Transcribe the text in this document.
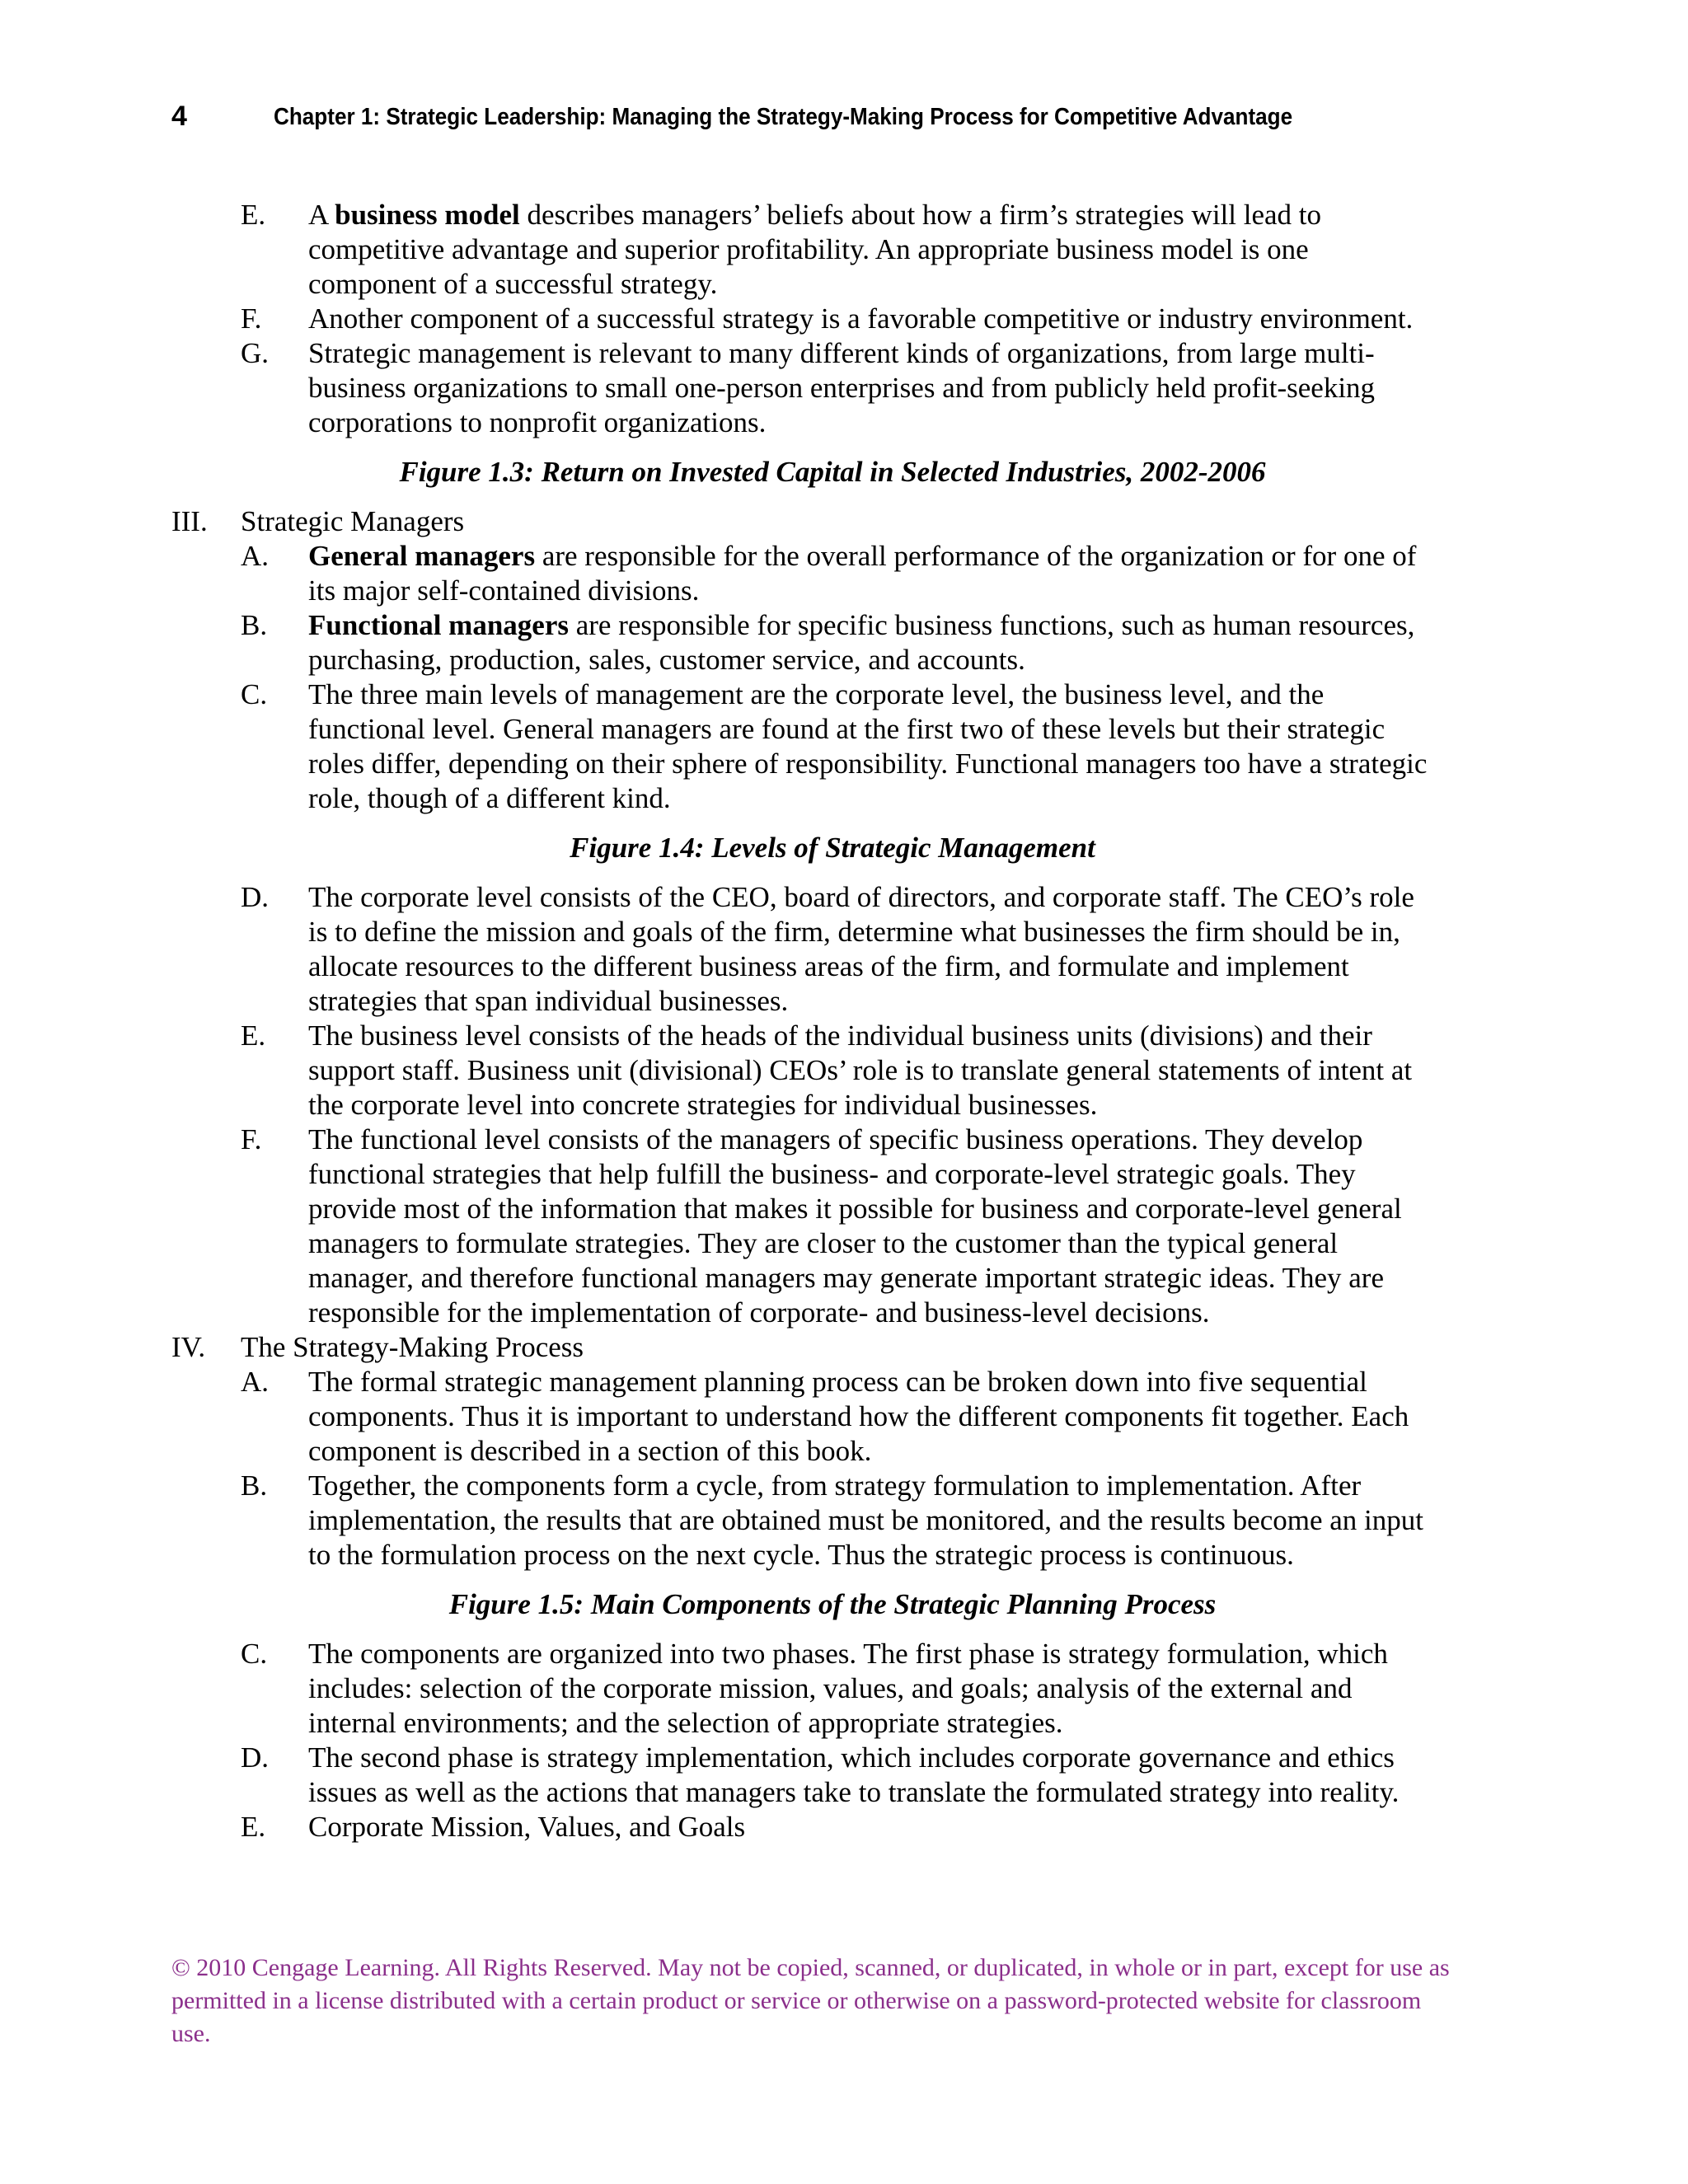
4	Chapter 1: Strategic Leadership: Managing the Strategy-Making Process for Competitive Advantage
E. A business model describes managers’ beliefs about how a firm’s strategies will lead to competitive advantage and superior profitability. An appropriate business model is one component of a successful strategy.
F. Another component of a successful strategy is a favorable competitive or industry environment.
G. Strategic management is relevant to many different kinds of organizations, from large multi-business organizations to small one-person enterprises and from publicly held profit-seeking corporations to nonprofit organizations.
Figure 1.3: Return on Invested Capital in Selected Industries, 2002-2006
III. Strategic Managers
A. General managers are responsible for the overall performance of the organization or for one of its major self-contained divisions.
B. Functional managers are responsible for specific business functions, such as human resources, purchasing, production, sales, customer service, and accounts.
C. The three main levels of management are the corporate level, the business level, and the functional level. General managers are found at the first two of these levels but their strategic roles differ, depending on their sphere of responsibility. Functional managers too have a strategic role, though of a different kind.
Figure 1.4: Levels of Strategic Management
D. The corporate level consists of the CEO, board of directors, and corporate staff. The CEO’s role is to define the mission and goals of the firm, determine what businesses the firm should be in, allocate resources to the different business areas of the firm, and formulate and implement strategies that span individual businesses.
E. The business level consists of the heads of the individual business units (divisions) and their support staff. Business unit (divisional) CEOs’ role is to translate general statements of intent at the corporate level into concrete strategies for individual businesses.
F. The functional level consists of the managers of specific business operations. They develop functional strategies that help fulfill the business- and corporate-level strategic goals. They provide most of the information that makes it possible for business and corporate-level general managers to formulate strategies. They are closer to the customer than the typical general manager, and therefore functional managers may generate important strategic ideas. They are responsible for the implementation of corporate- and business-level decisions.
IV. The Strategy-Making Process
A. The formal strategic management planning process can be broken down into five sequential components. Thus it is important to understand how the different components fit together. Each component is described in a section of this book.
B. Together, the components form a cycle, from strategy formulation to implementation. After implementation, the results that are obtained must be monitored, and the results become an input to the formulation process on the next cycle. Thus the strategic process is continuous.
Figure 1.5: Main Components of the Strategic Planning Process
C. The components are organized into two phases. The first phase is strategy formulation, which includes: selection of the corporate mission, values, and goals; analysis of the external and internal environments; and the selection of appropriate strategies.
D. The second phase is strategy implementation, which includes corporate governance and ethics issues as well as the actions that managers take to translate the formulated strategy into reality.
E. Corporate Mission, Values, and Goals
© 2010 Cengage Learning. All Rights Reserved. May not be copied, scanned, or duplicated, in whole or in part, except for use as permitted in a license distributed with a certain product or service or otherwise on a password-protected website for classroom use.
